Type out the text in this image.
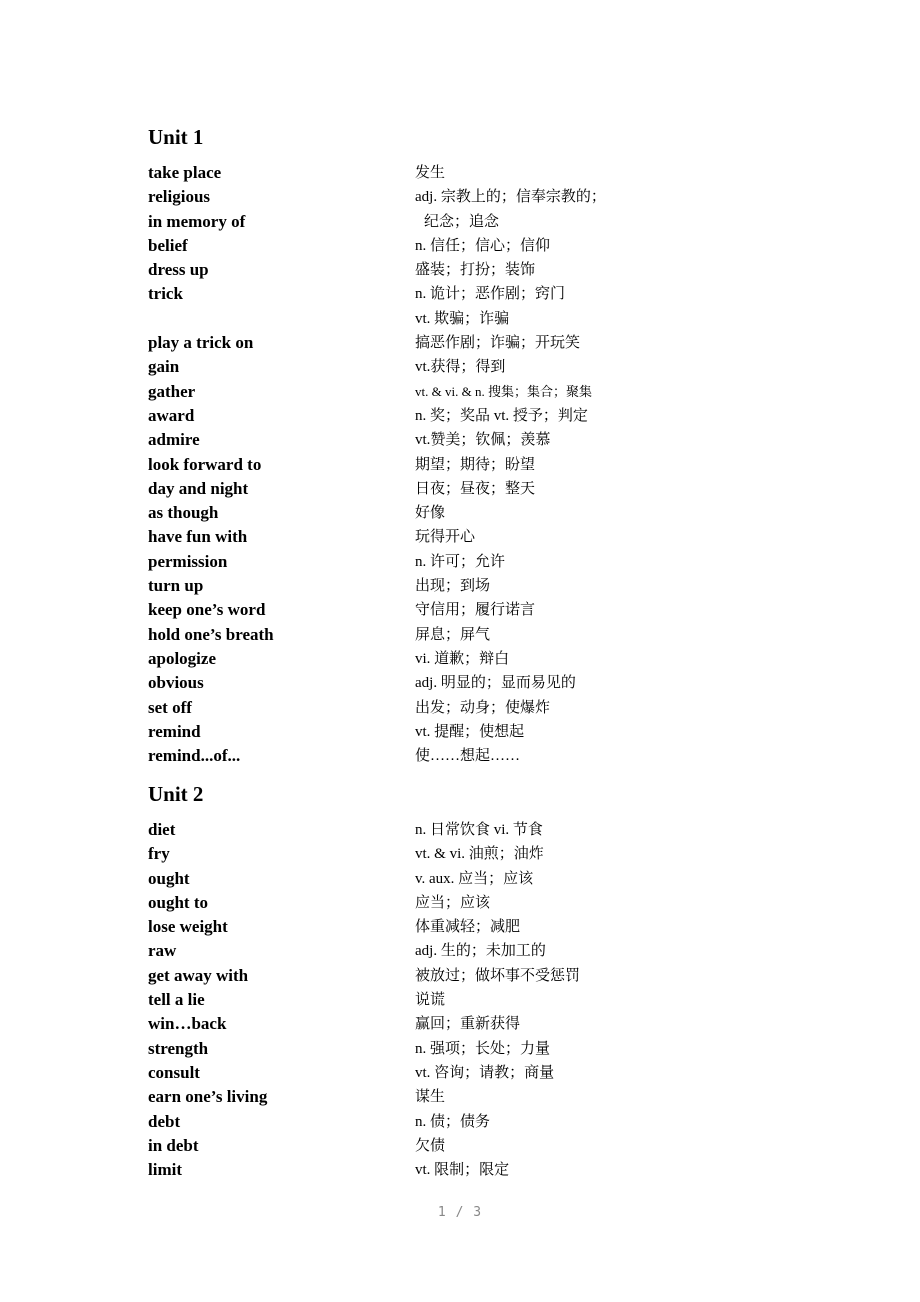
Unit 1
take place	发生
religious	adj. 宗教上的；信奉宗教的；
in memory of	纪念；追念
belief	n. 信任；信心；信仰
dress up	盛装；打扮；装饰
trick	n. 诡计；恶作剧；窍门
vt. 欺骗；诈骗
play a trick on	搞恶作剧；诈骗；开玩笑
gain	vt.获得；得到
gather	vt. & vi. & n. 搜集；集合；聚集
award	n. 奖；奖品 vt. 授予；判定
admire	vt.赞美；钦佩；羡慕
look forward to	期望；期待；盼望
day and night	日夜；昼夜；整天
as though	好像
have fun with	玩得开心
permission	n. 许可；允许
turn up	出现；到场
keep one’s word	守信用；履行诺言
hold one’s breath	屏息；屏气
apologize	vi. 道歉；辩白
obvious	adj. 明显的；显而易见的
set off	出发；动身；使爆炸
remind	vt. 提醒；使想起
remind...of...	使……想起……
Unit 2
diet	n. 日常饮食 vi. 节食
fry	vt. & vi. 油煎；油炸
ought	v. aux. 应当；应该
ought to	应当；应该
lose weight	体重减轻；减肥
raw	adj. 生的；未加工的
get away with	被放过；做坏事不受惩罚
tell a lie	说谎
win…back	赢回；重新获得
strength	n. 强项；长处；力量
consult	vt. 咨询；请教；商量
earn one’s living	谋生
debt	n. 债；债务
in debt	欠债
limit	vt. 限制；限定
1 / 3
